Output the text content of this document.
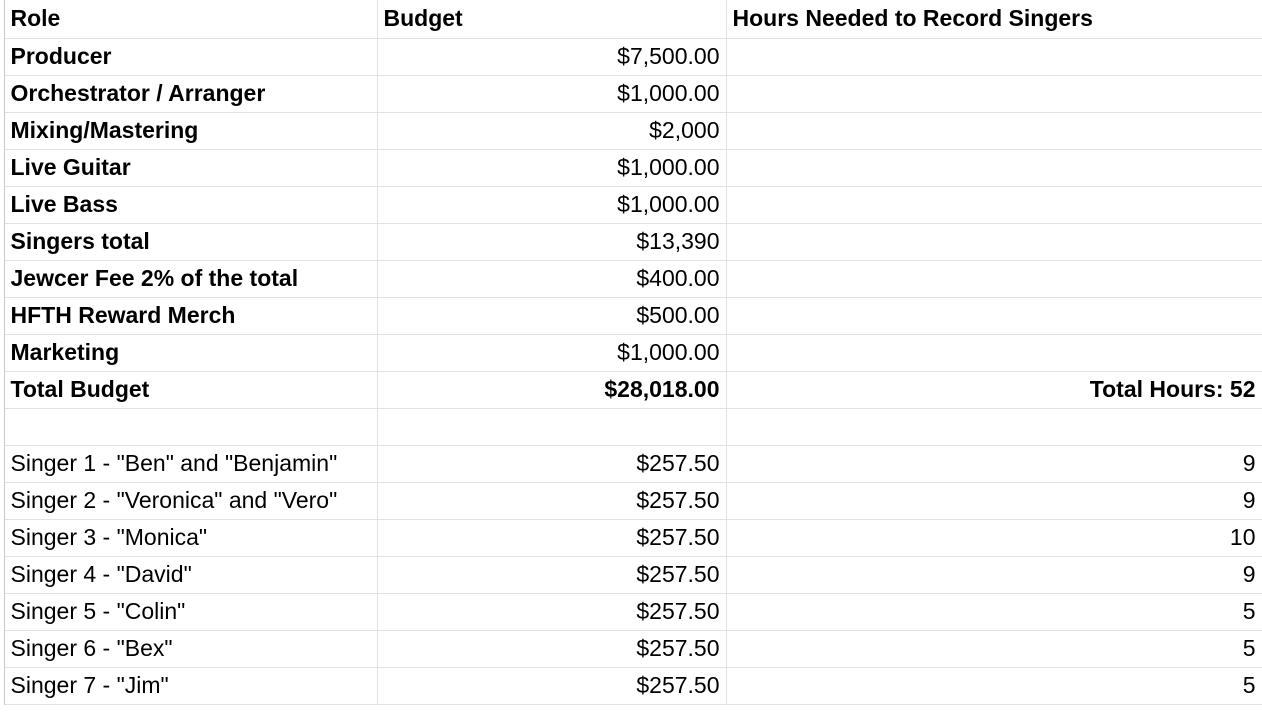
	Role	Budget	Hours Needed to Record Singers
	Producer	$7,500.00	
	Orchestrator / Arranger	$1,000.00	
	Mixing/Mastering	$2,000	
	Live Guitar	$1,000.00	
	Live Bass	$1,000.00	
	Singers total	$13,390	
	Jewcer Fee 2% of the total	$400.00	
	HFTH Reward Merch	$500.00	
	Marketing	$1,000.00	
	Total Budget	$28,018.00	Total Hours: 52

	Singer 1 - "Ben" and "Benjamin"	$257.50	9
	Singer 2 - "Veronica" and "Vero"	$257.50	9
	Singer 3 - "Monica"	$257.50	10
	Singer 4 - "David"	$257.50	9
	Singer 5 - "Colin"	$257.50	5
	Singer 6 - "Bex"	$257.50	5
	Singer 7 - "Jim"	$257.50	5
